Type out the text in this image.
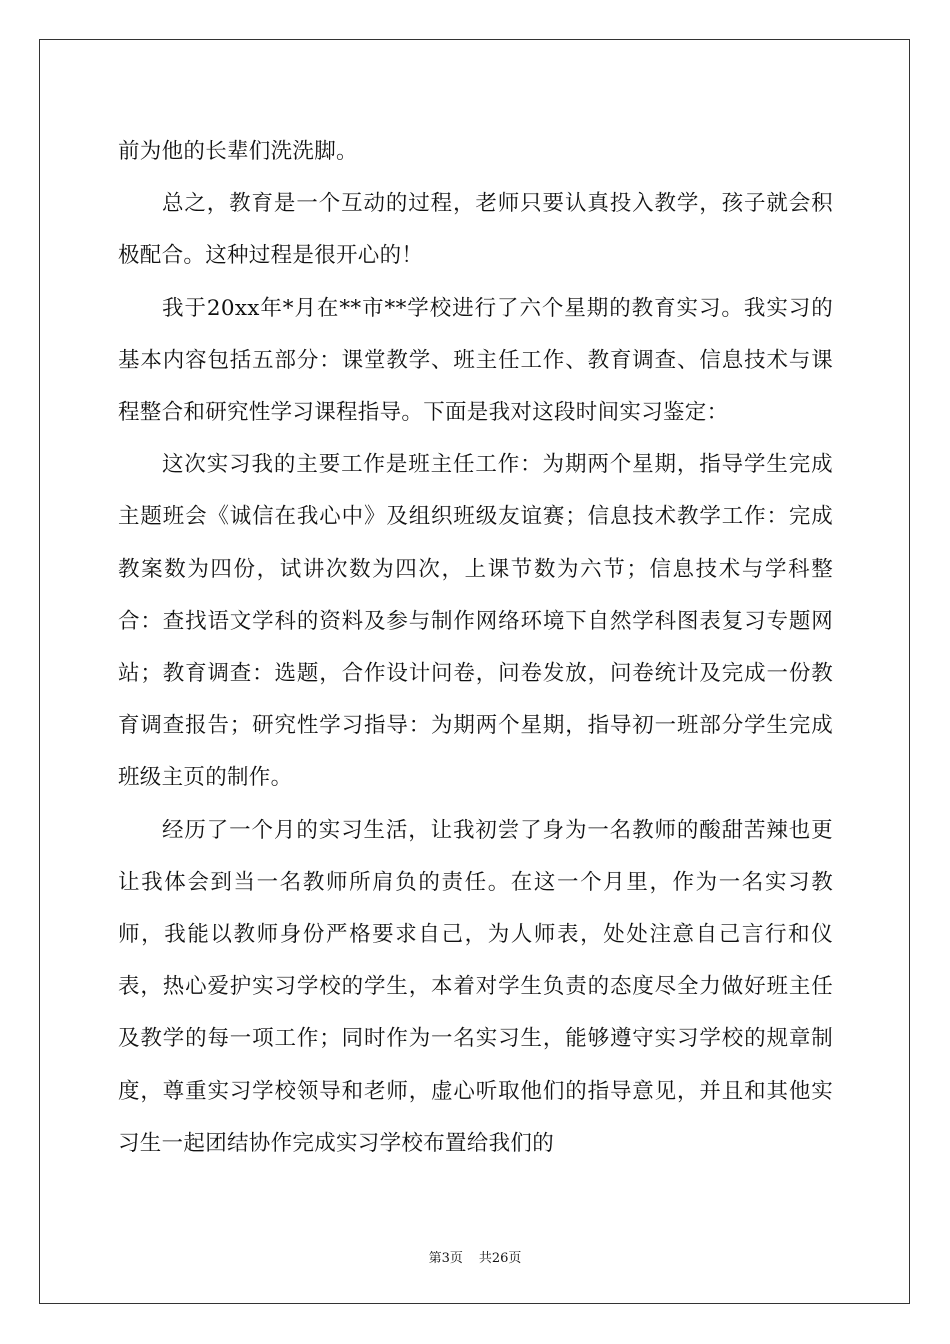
前为他的长辈们洗洗脚。

总之，教育是一个互动的过程，老师只要认真投入教学，孩子就会积极配合。这种过程是很开心的！

我于20xx年*月在**市**学校进行了六个星期的教育实习。我实习的基本内容包括五部分：课堂教学、班主任工作、教育调查、信息技术与课程整合和研究性学习课程指导。下面是我对这段时间实习鉴定：

这次实习我的主要工作是班主任工作：为期两个星期，指导学生完成主题班会《诚信在我心中》及组织班级友谊赛；信息技术教学工作：完成教案数为四份，试讲次数为四次，上课节数为六节；信息技术与学科整合：查找语文学科的资料及参与制作网络环境下自然学科图表复习专题网站；教育调查：选题，合作设计问卷，问卷发放，问卷统计及完成一份教育调查报告；研究性学习指导：为期两个星期，指导初一班部分学生完成班级主页的制作。

经历了一个月的实习生活，让我初尝了身为一名教师的酸甜苦辣也更让我体会到当一名教师所肩负的责任。在这一个月里，作为一名实习教师，我能以教师身份严格要求自己，为人师表，处处注意自己言行和仪表，热心爱护实习学校的学生，本着对学生负责的态度尽全力做好班主任及教学的每一项工作；同时作为一名实习生，能够遵守实习学校的规章制度，尊重实习学校领导和老师，虚心听取他们的指导意见，并且和其他实习生一起团结协作完成实习学校布置给我们的

第3页 共26页
